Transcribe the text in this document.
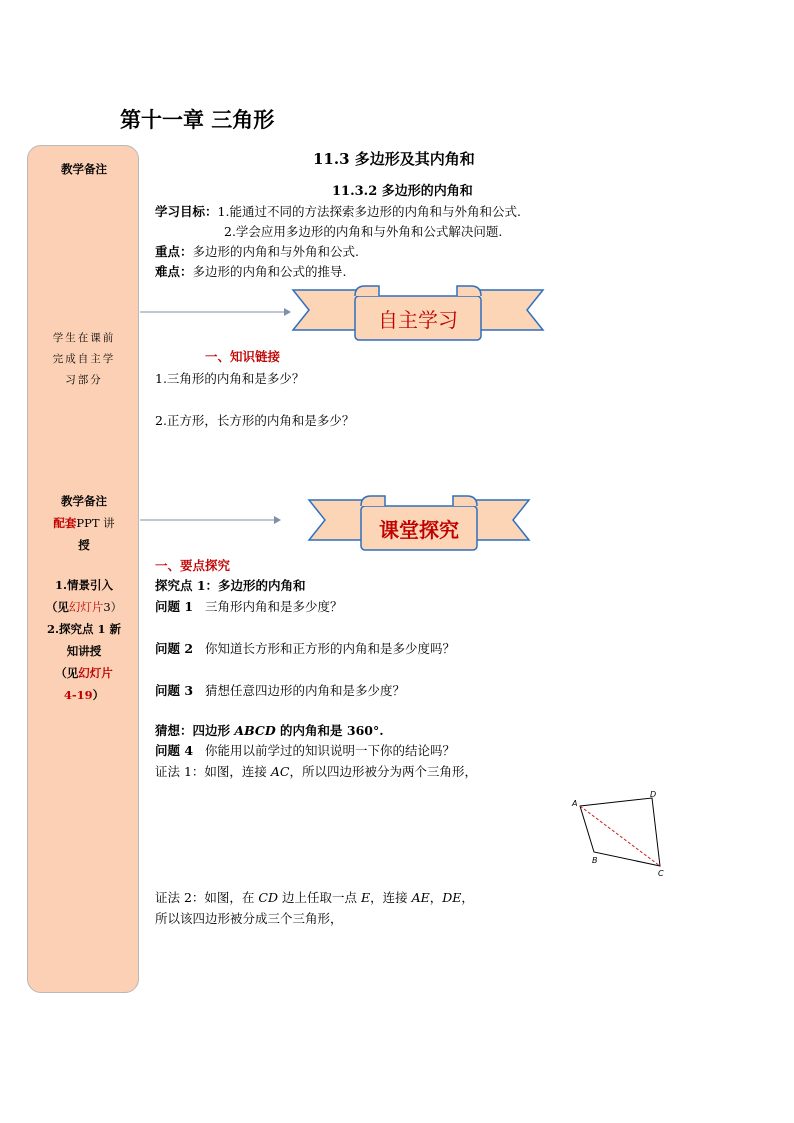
第十一章 三角形
教学备注
学生在课前
完成自主学
习部分
教学备注
配套PPT 讲
授
1.情景引入
（见幻灯片3）
2.探究点 1 新
知讲授
（见幻灯片
4-19）
11.3 多边形及其内角和
11.3.2 多边形的内角和
学习目标：1.能通过不同的方法探索多边形的内角和与外角和公式.
2.学会应用多边形的内角和与外角和公式解决问题.
重点：多边形的内角和与外角和公式.
难点：多边形的内角和公式的推导.
自主学习
一、知识链接
1.三角形的内角和是多少？
2.正方形，长方形的内角和是多少？
课堂探究
一、要点探究
探究点 1：多边形的内角和
问题 1 三角形内角和是多少度？
问题 2 你知道长方形和正方形的内角和是多少度吗？
问题 3 猜想任意四边形的内角和是多少度？
猜想：四边形 ABCD 的内角和是 360°.
问题 4 你能用以前学过的知识说明一下你的结论吗？
证法 1：如图，连接 AC，所以四边形被分为两个三角形，
A
D
B
C
证法 2：如图，在 CD 边上任取一点 E，连接 AE，DE，
所以该四边形被分成三个三角形，
